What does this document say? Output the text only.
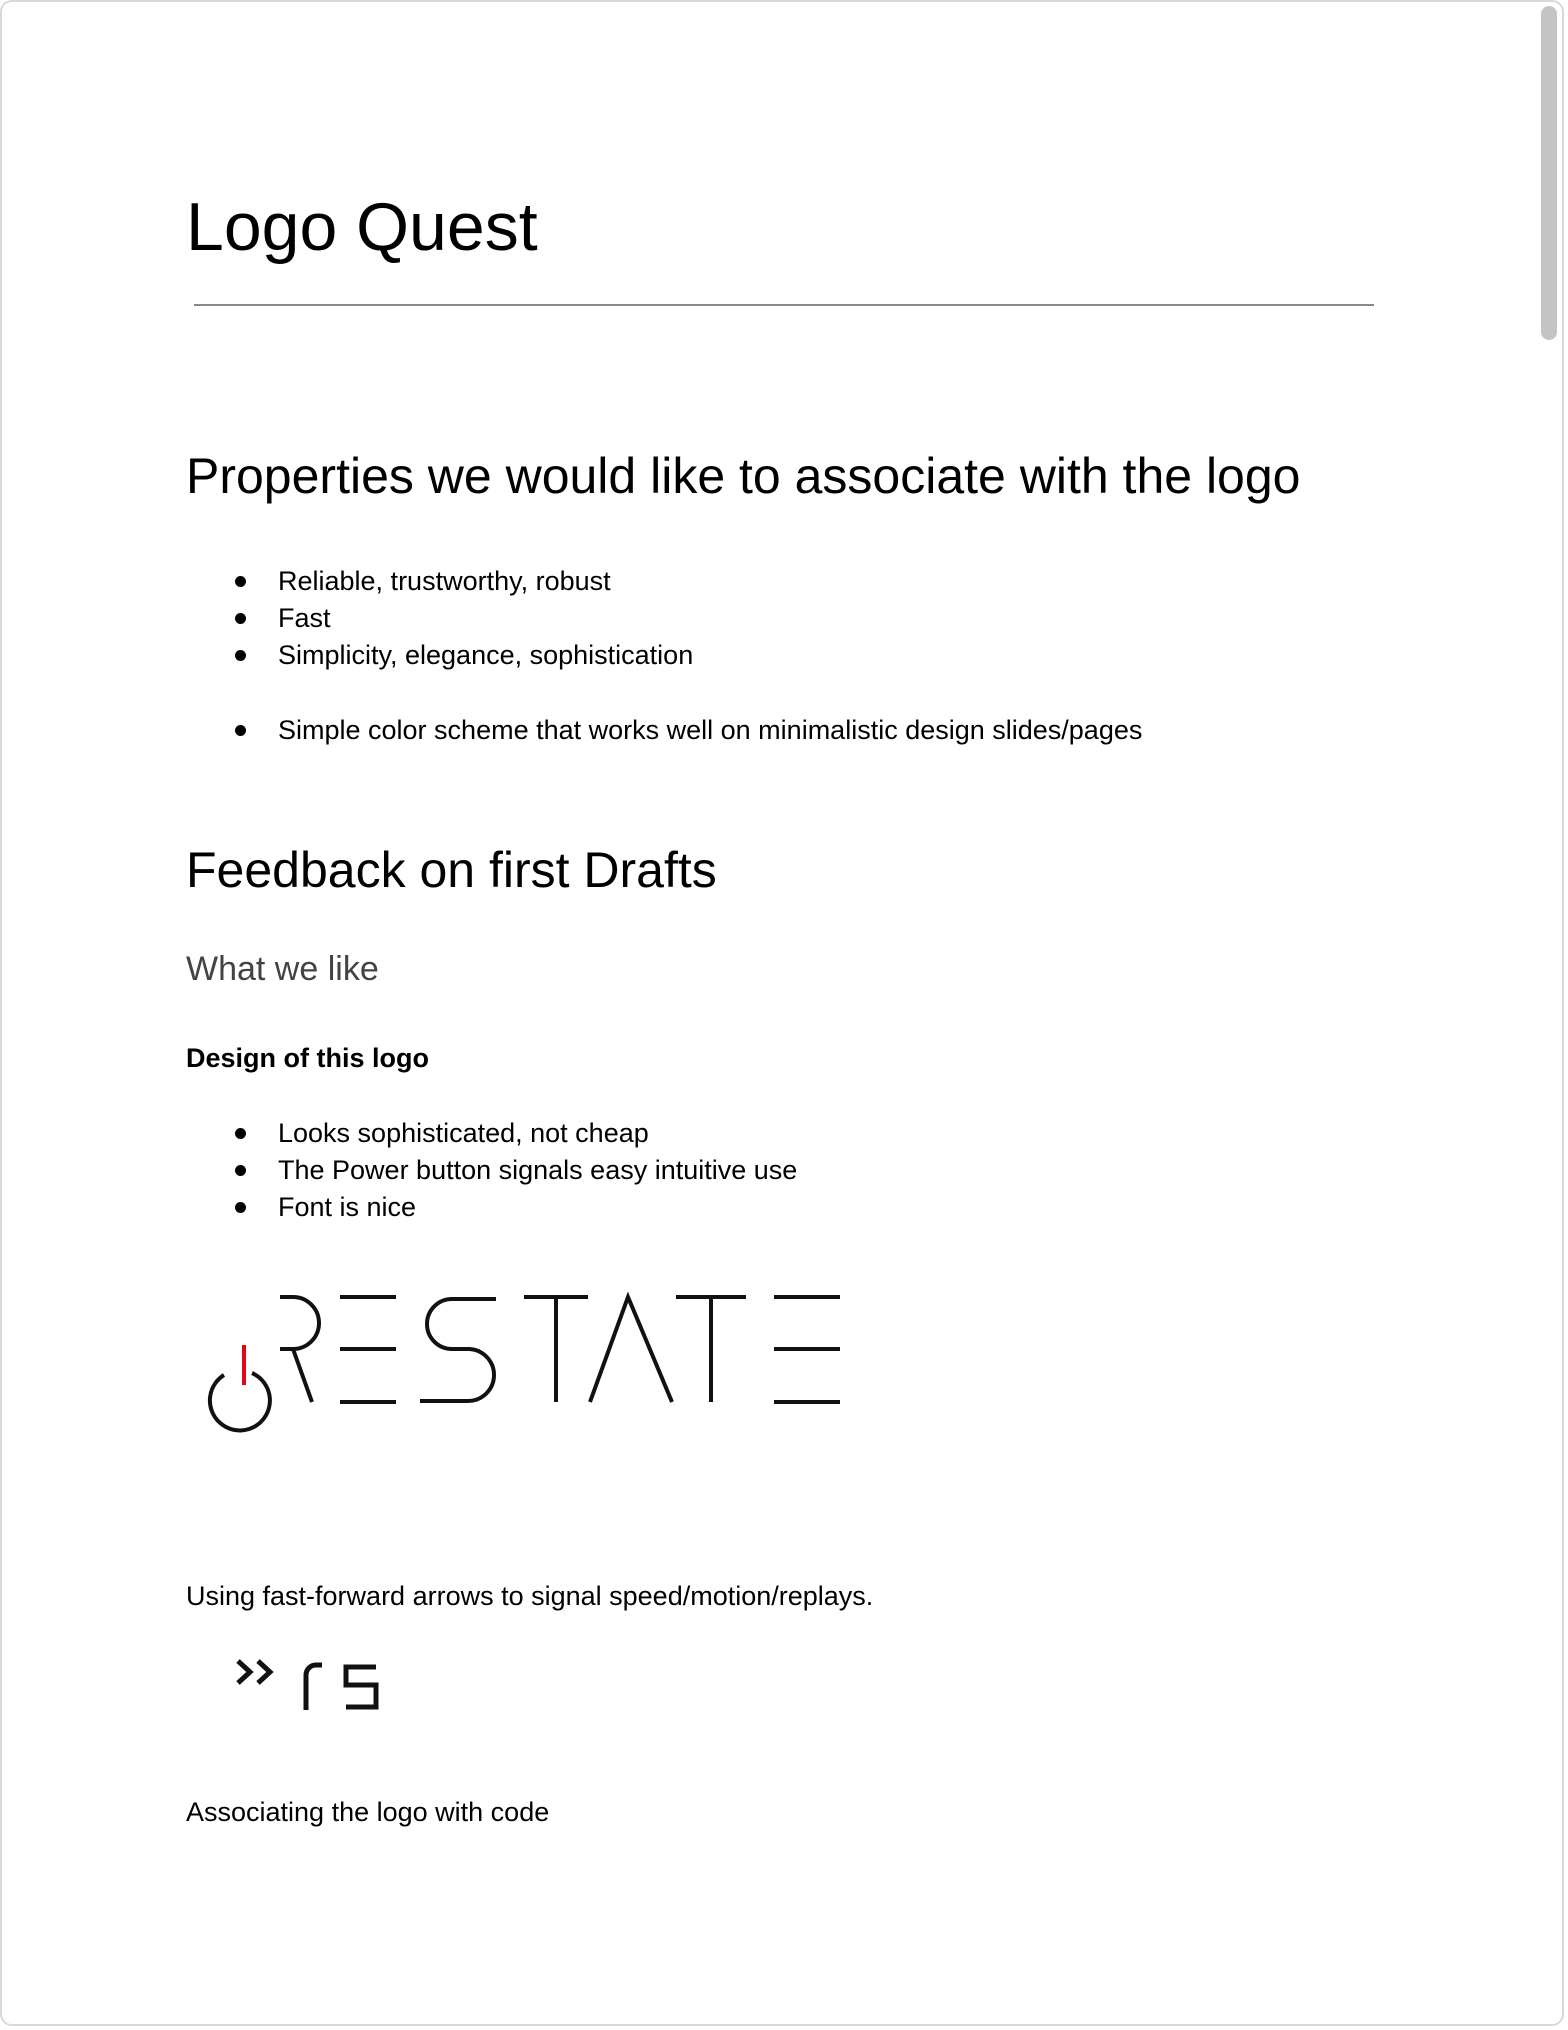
Logo Quest
Properties we would like to associate with the logo
Reliable, trustworthy, robust
Fast
Simplicity, elegance, sophistication
Simple color scheme that works well on minimalistic design slides/pages
Feedback on first Drafts
What we like
Design of this logo
Looks sophisticated, not cheap
The Power button signals easy intuitive use
Font is nice
Using fast-forward arrows to signal speed/motion/replays.
Associating the logo with code
